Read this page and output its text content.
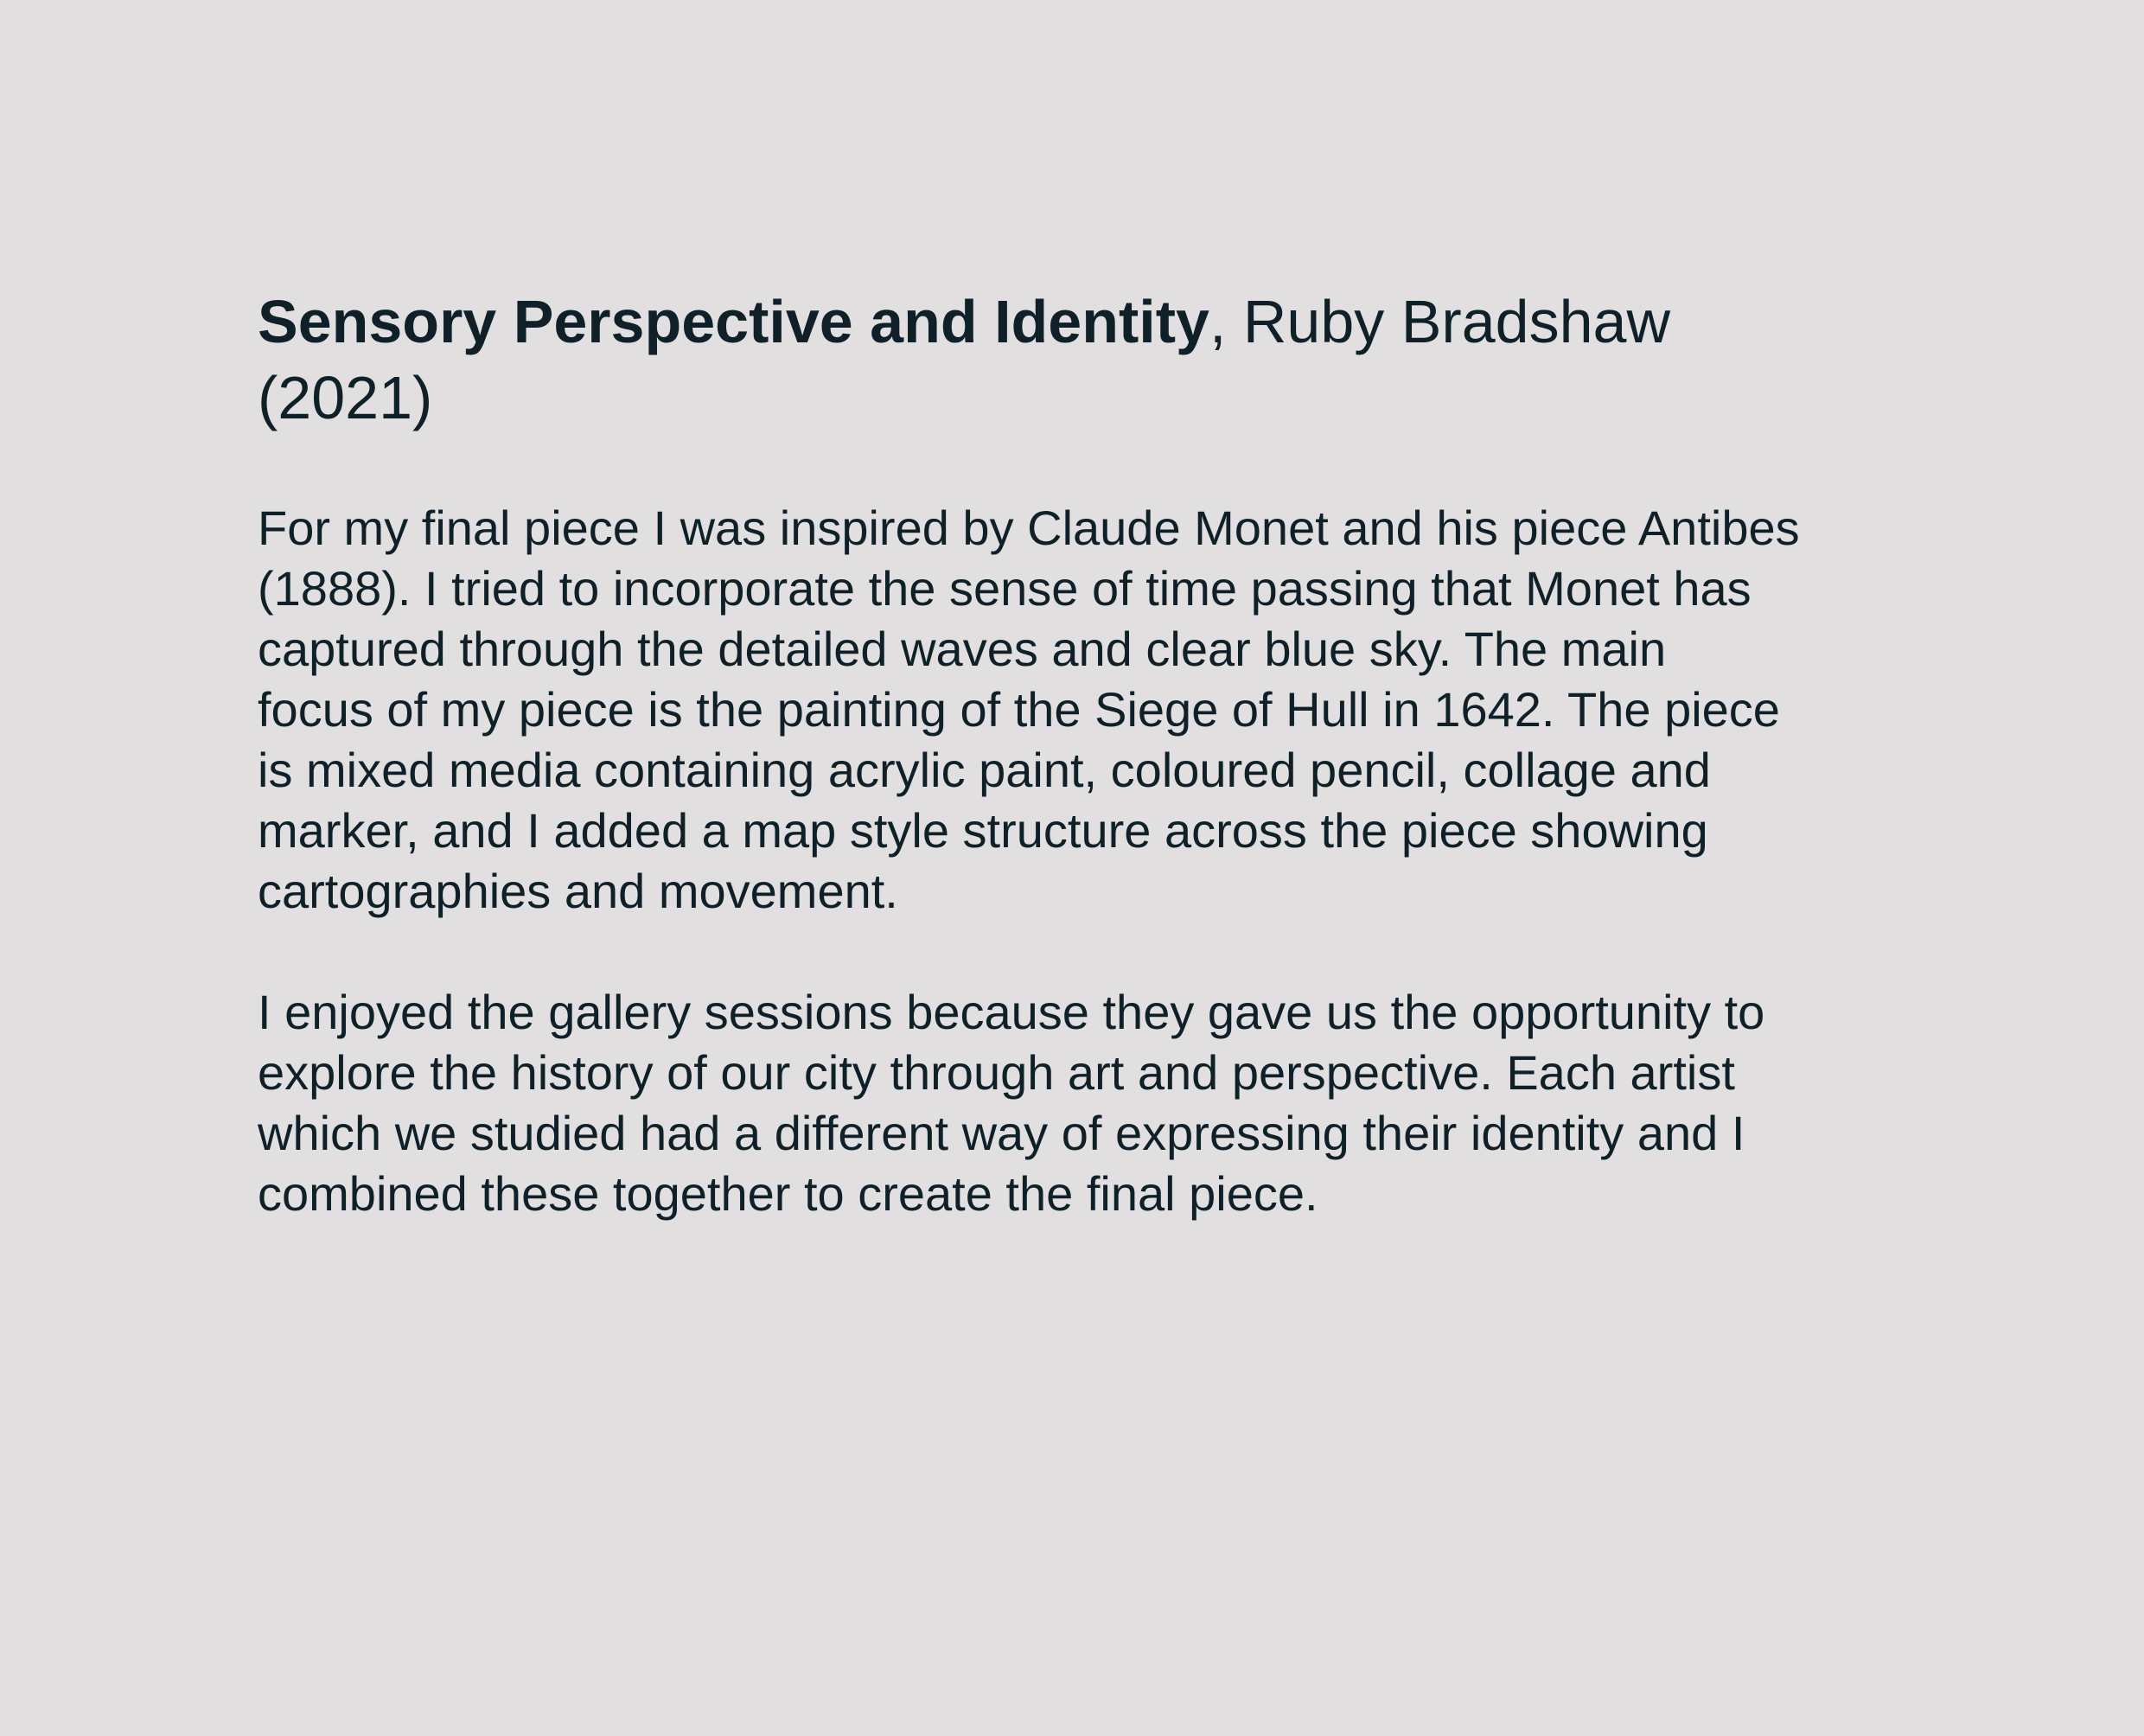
Sensory Perspective and Identity, Ruby Bradshaw (2021)

For my final piece I was inspired by Claude Monet and his piece Antibes
(1888). I tried to incorporate the sense of time passing that Monet has
captured through the detailed waves and clear blue sky. The main
focus of my piece is the painting of the Siege of Hull in 1642. The piece
is mixed media containing acrylic paint, coloured pencil, collage and
marker, and I added a map style structure across the piece showing
cartographies and movement.

I enjoyed the gallery sessions because they gave us the opportunity to
explore the history of our city through art and perspective. Each artist
which we studied had a different way of expressing their identity and I
combined these together to create the final piece.
